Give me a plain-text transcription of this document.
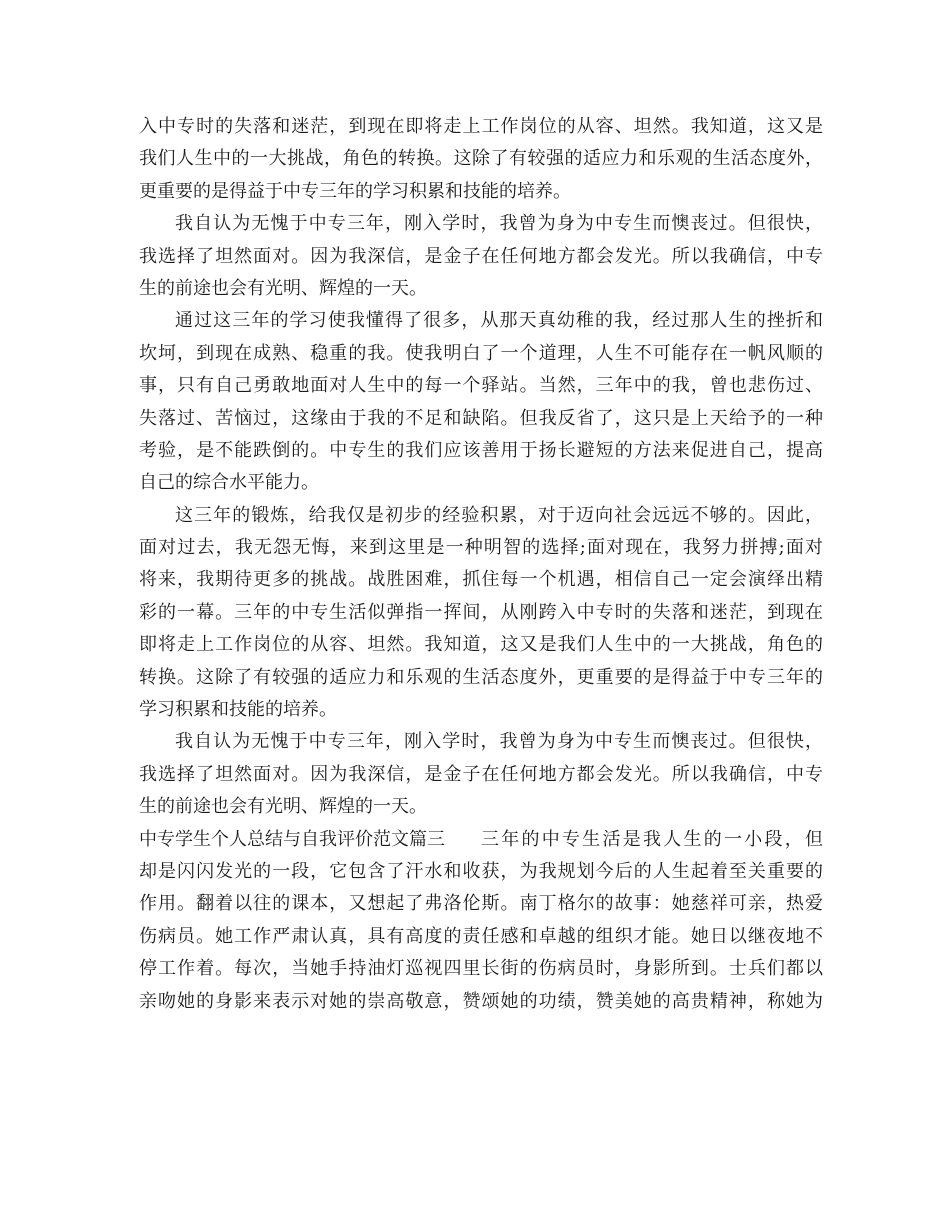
入中专时的失落和迷茫，到现在即将走上工作岗位的从容、坦然。我知道，这又是
我们人生中的一大挑战，角色的转换。这除了有较强的适应力和乐观的生活态度外，
更重要的是得益于中专三年的学习积累和技能的培养。
我自认为无愧于中专三年，刚入学时，我曾为身为中专生而懊丧过。但很快，
我选择了坦然面对。因为我深信，是金子在任何地方都会发光。所以我确信，中专
生的前途也会有光明、辉煌的一天。
通过这三年的学习使我懂得了很多，从那天真幼稚的我，经过那人生的挫折和
坎坷，到现在成熟、稳重的我。使我明白了一个道理，人生不可能存在一帆风顺的
事，只有自己勇敢地面对人生中的每一个驿站。当然，三年中的我，曾也悲伤过、
失落过、苦恼过，这缘由于我的不足和缺陷。但我反省了，这只是上天给予的一种
考验，是不能跌倒的。中专生的我们应该善用于扬长避短的方法来促进自己，提高
自己的综合水平能力。
这三年的锻炼，给我仅是初步的经验积累，对于迈向社会远远不够的。因此，
面对过去，我无怨无悔，来到这里是一种明智的选择;面对现在，我努力拼搏;面对
将来，我期待更多的挑战。战胜困难，抓住每一个机遇，相信自己一定会演绎出精
彩的一幕。三年的中专生活似弹指一挥间，从刚跨入中专时的失落和迷茫，到现在
即将走上工作岗位的从容、坦然。我知道，这又是我们人生中的一大挑战，角色的
转换。这除了有较强的适应力和乐观的生活态度外，更重要的是得益于中专三年的
学习积累和技能的培养。
我自认为无愧于中专三年，刚入学时，我曾为身为中专生而懊丧过。但很快，
我选择了坦然面对。因为我深信，是金子在任何地方都会发光。所以我确信，中专
生的前途也会有光明、辉煌的一天。
中专学生个人总结与自我评价范文篇三 三年的中专生活是我人生的一小段，但
却是闪闪发光的一段，它包含了汗水和收获，为我规划今后的人生起着至关重要的
作用。翻着以往的课本，又想起了弗洛伦斯。南丁格尔的故事：她慈祥可亲，热爱
伤病员。她工作严肃认真，具有高度的责任感和卓越的组织才能。她日以继夜地不
停工作着。每次，当她手持油灯巡视四里长街的伤病员时，身影所到。士兵们都以
亲吻她的身影来表示对她的崇高敬意，赞颂她的功绩，赞美她的高贵精神，称她为
